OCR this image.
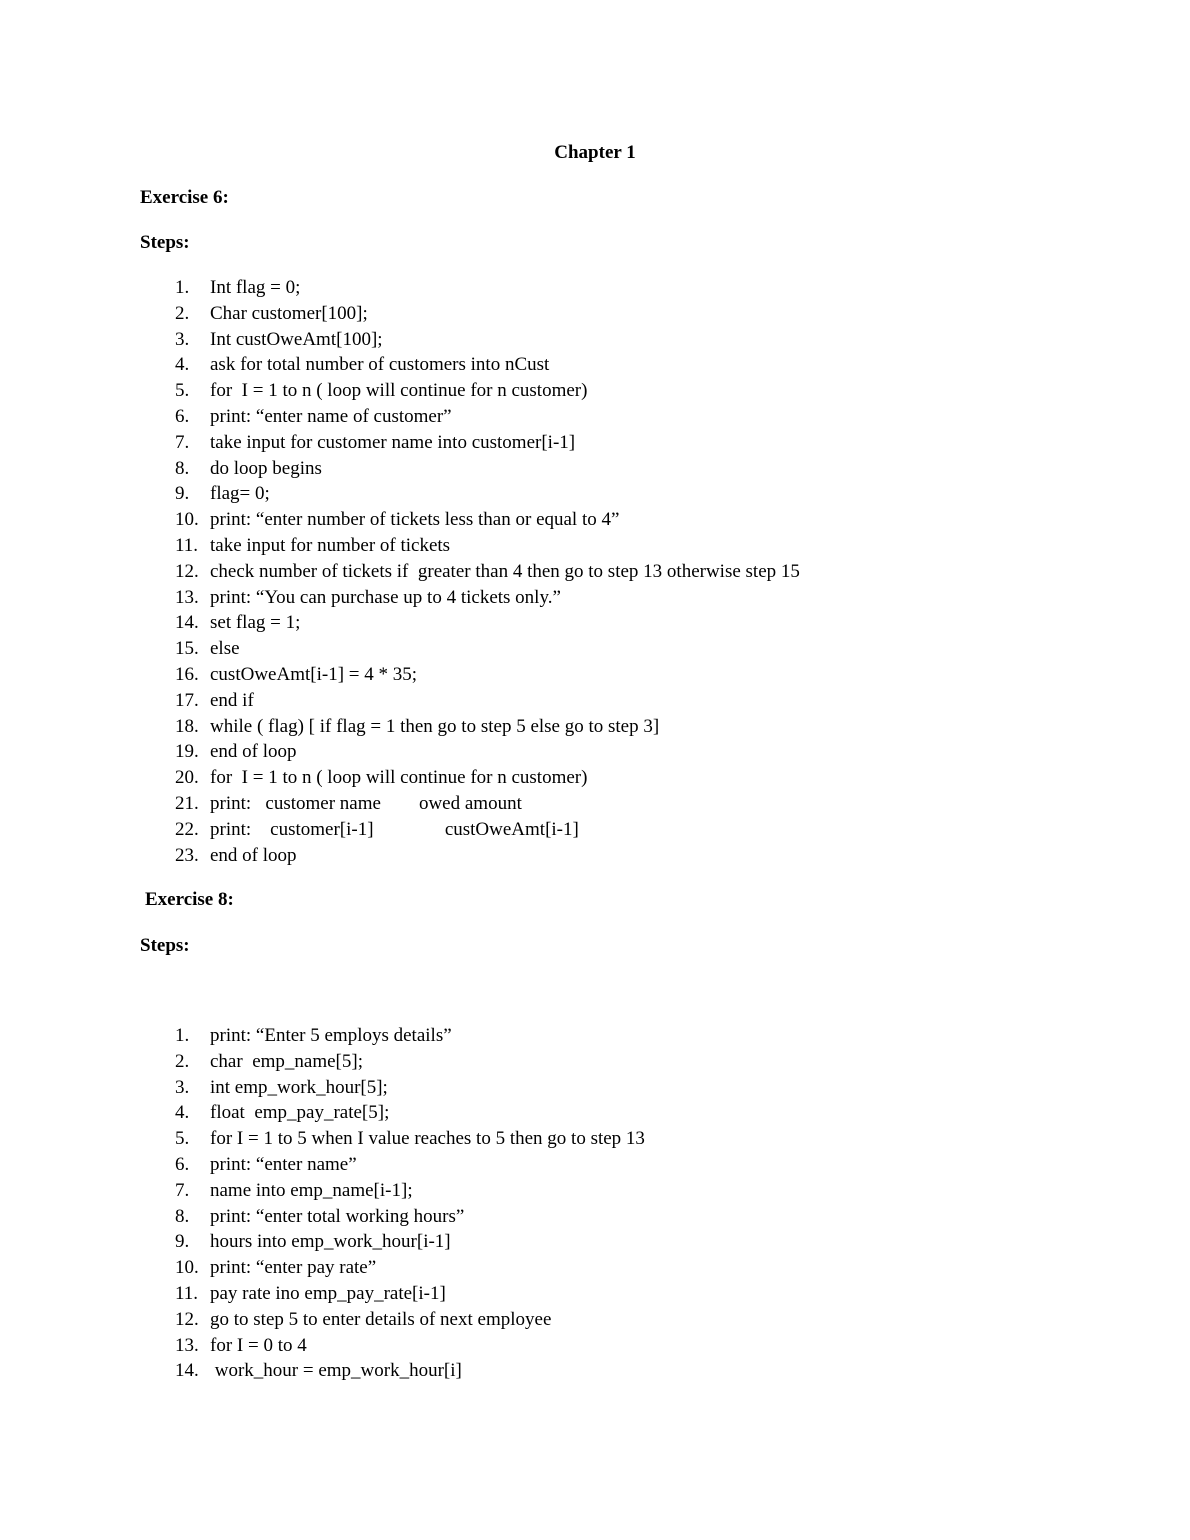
Chapter 1
Exercise 6:
Steps:
1. Int flag = 0;
2. Char customer[100];
3. Int custOweAmt[100];
4. ask for total number of customers into nCust
5. for  I = 1 to n ( loop will continue for n customer)
6. print: “enter name of customer”
7. take input for customer name into customer[i-1]
8. do loop begins
9. flag= 0;
10. print: “enter number of tickets less than or equal to 4”
11. take input for number of tickets
12. check number of tickets if  greater than 4 then go to step 13 otherwise step 15
13. print: “You can purchase up to 4 tickets only.”
14. set flag = 1;
15. else
16. custOweAmt[i-1] = 4 * 35;
17. end if
18. while ( flag) [ if flag = 1 then go to step 5 else go to step 3]
19. end of loop
20. for  I = 1 to n ( loop will continue for n customer)
21. print:   customer name        owed amount
22. print:    customer[i-1]               custOweAmt[i-1]
23. end of loop
Exercise 8:
Steps:
1. print: “Enter 5 employs details”
2. char  emp_name[5];
3. int emp_work_hour[5];
4. float  emp_pay_rate[5];
5. for I = 1 to 5 when I value reaches to 5 then go to step 13
6. print: “enter name”
7. name into emp_name[i-1];
8. print: “enter total working hours”
9. hours into emp_work_hour[i-1]
10. print: “enter pay rate”
11. pay rate ino emp_pay_rate[i-1]
12. go to step 5 to enter details of next employee
13. for I = 0 to 4
14. work_hour = emp_work_hour[i]
